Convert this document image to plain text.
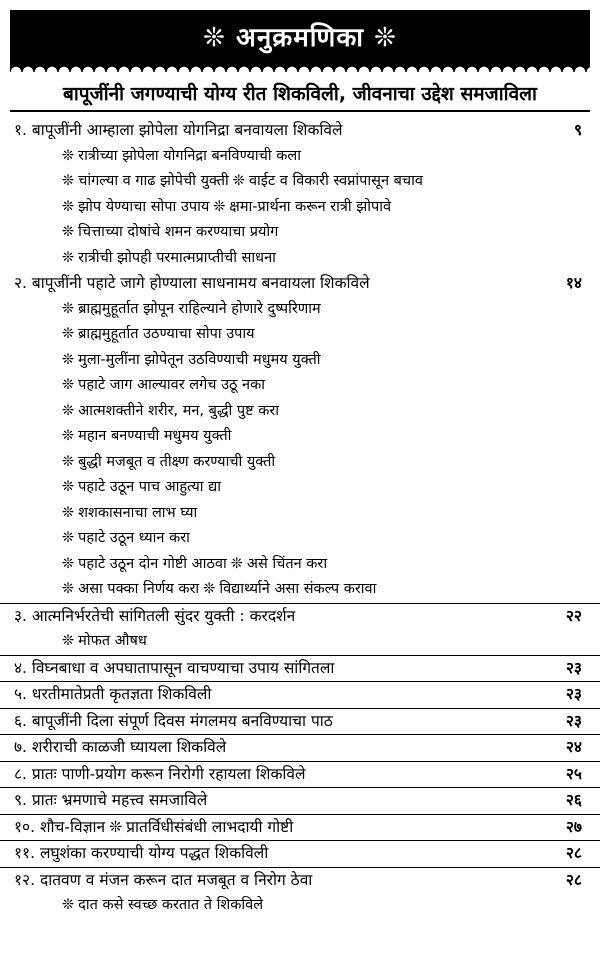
❊ अनुक्रमणिका ❊
बापूजींनी जगण्याची योग्य रीत शिकविली, जीवनाचा उद्देश समजाविला
१. बापूजींनी आम्हाला झोपेला योगनिद्रा बनवायला शिकविले	९
❊ रात्रीच्या झोपेला योगनिद्रा बनविण्याची कला
❊ चांगल्या व गाढ झोपेची युक्ती ❊ वाईट व विकारी स्वप्नांपासून बचाव
❊ झोप येण्याचा सोपा उपाय ❊ क्षमा-प्रार्थना करून रात्री झोपावे
❊ चित्ताच्या दोषांचे शमन करण्याचा प्रयोग
❊ रात्रीची झोपही परमात्मप्राप्तीची साधना
२. बापूजींनी पहाटे जागे होण्याला साधनामय बनवायला शिकविले	१४
❊ ब्राह्ममुहूर्तात झोपून राहिल्याने होणारे दुष्परिणाम
❊ ब्राह्ममुहूर्तात उठण्याचा सोपा उपाय
❊ मुला-मुलींना झोपेतून उठविण्याची मधुमय युक्ती
❊ पहाटे जाग आल्यावर लगेच उठू नका
❊ आत्मशक्तीने शरीर, मन, बुद्धी पुष्ट करा
❊ महान बनण्याची मधुमय युक्ती
❊ बुद्धी मजबूत व तीक्ष्ण करण्याची युक्ती
❊ पहाटे उठून पाच आहुत्या द्या
❊ शशकासनाचा लाभ घ्या
❊ पहाटे उठून ध्यान करा
❊ पहाटे उठून दोन गोष्टी आठवा ❊ असे चिंतन करा
❊ असा पक्का निर्णय करा ❊ विद्यार्थ्याने असा संकल्प करावा
३. आत्मनिर्भरतेची सांगितली सुंदर युक्ती : करदर्शन	२२
❊ मोफत औषध
४. विघ्नबाधा व अपघातापासून वाचण्याचा उपाय सांगितला	२३
५. धरतीमातेप्रती कृतज्ञता शिकविली	२३
६. बापूजींनी दिला संपूर्ण दिवस मंगलमय बनविण्याचा पाठ	२३
७. शरीराची काळजी घ्यायला शिकविले	२४
८. प्रातः पाणी-प्रयोग करून निरोगी रहायला शिकविले	२५
९. प्रातः भ्रमणाचे महत्त्व समजाविले	२६
१०. शौच-विज्ञान ❊ प्रातर्विधीसंबंधी लाभदायी गोष्टी	२७
११. लघुशंका करण्याची योग्य पद्धत शिकविली	२८
१२. दातवण व मंजन करून दात मजबूत व निरोग ठेवा	२८
❊ दात कसे स्वच्छ करतात ते शिकविले
